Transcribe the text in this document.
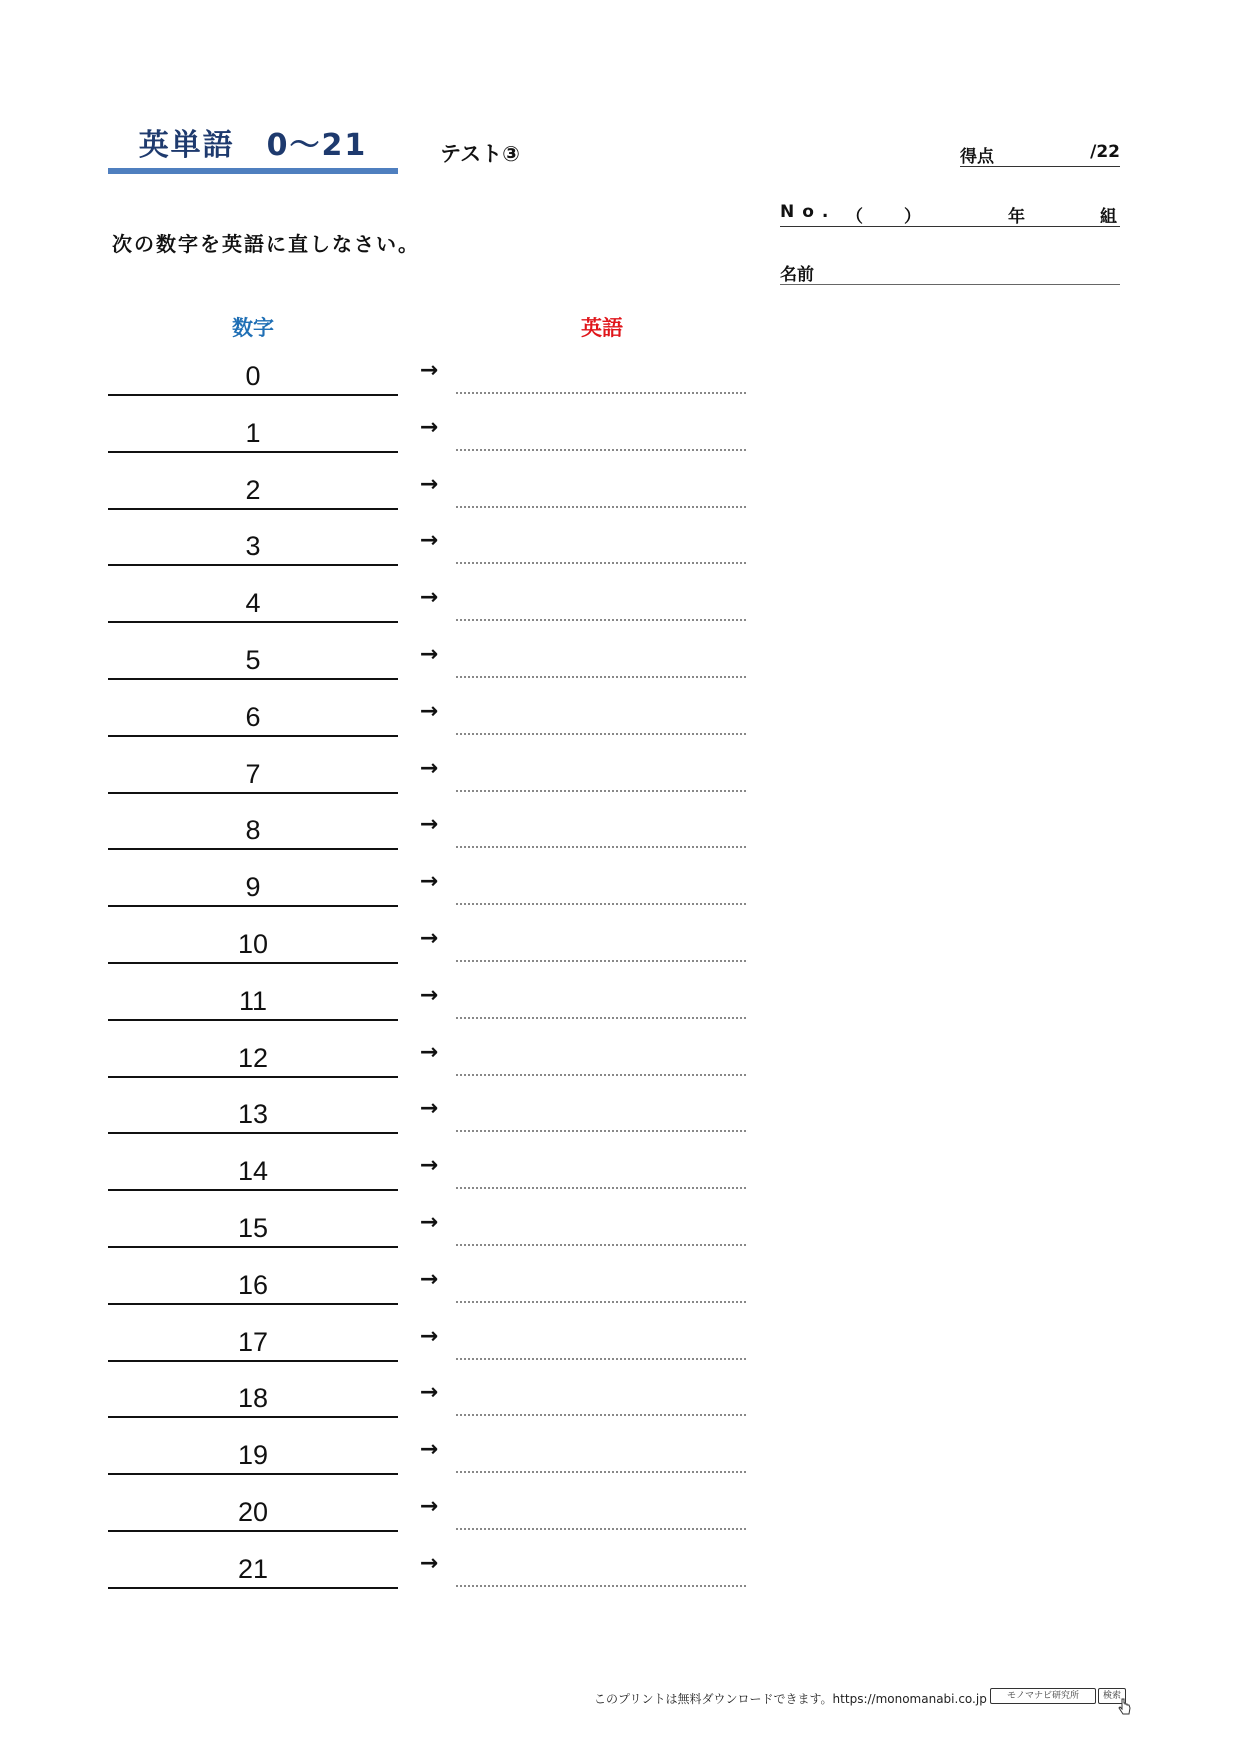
英単語　0〜21	テスト③	得点	/22
No. （ ）	年	組
名前
次の数字を英語に直しなさい。
数字	英語
0	→
1	→
2	→
3	→
4	→
5	→
6	→
7	→
8	→
9	→
10	→
11	→
12	→
13	→
14	→
15	→
16	→
17	→
18	→
19	→
20	→
21	→
このプリントは無料ダウンロードできます。https://monomanabi.co.jp	モノマナビ研究所	検索
